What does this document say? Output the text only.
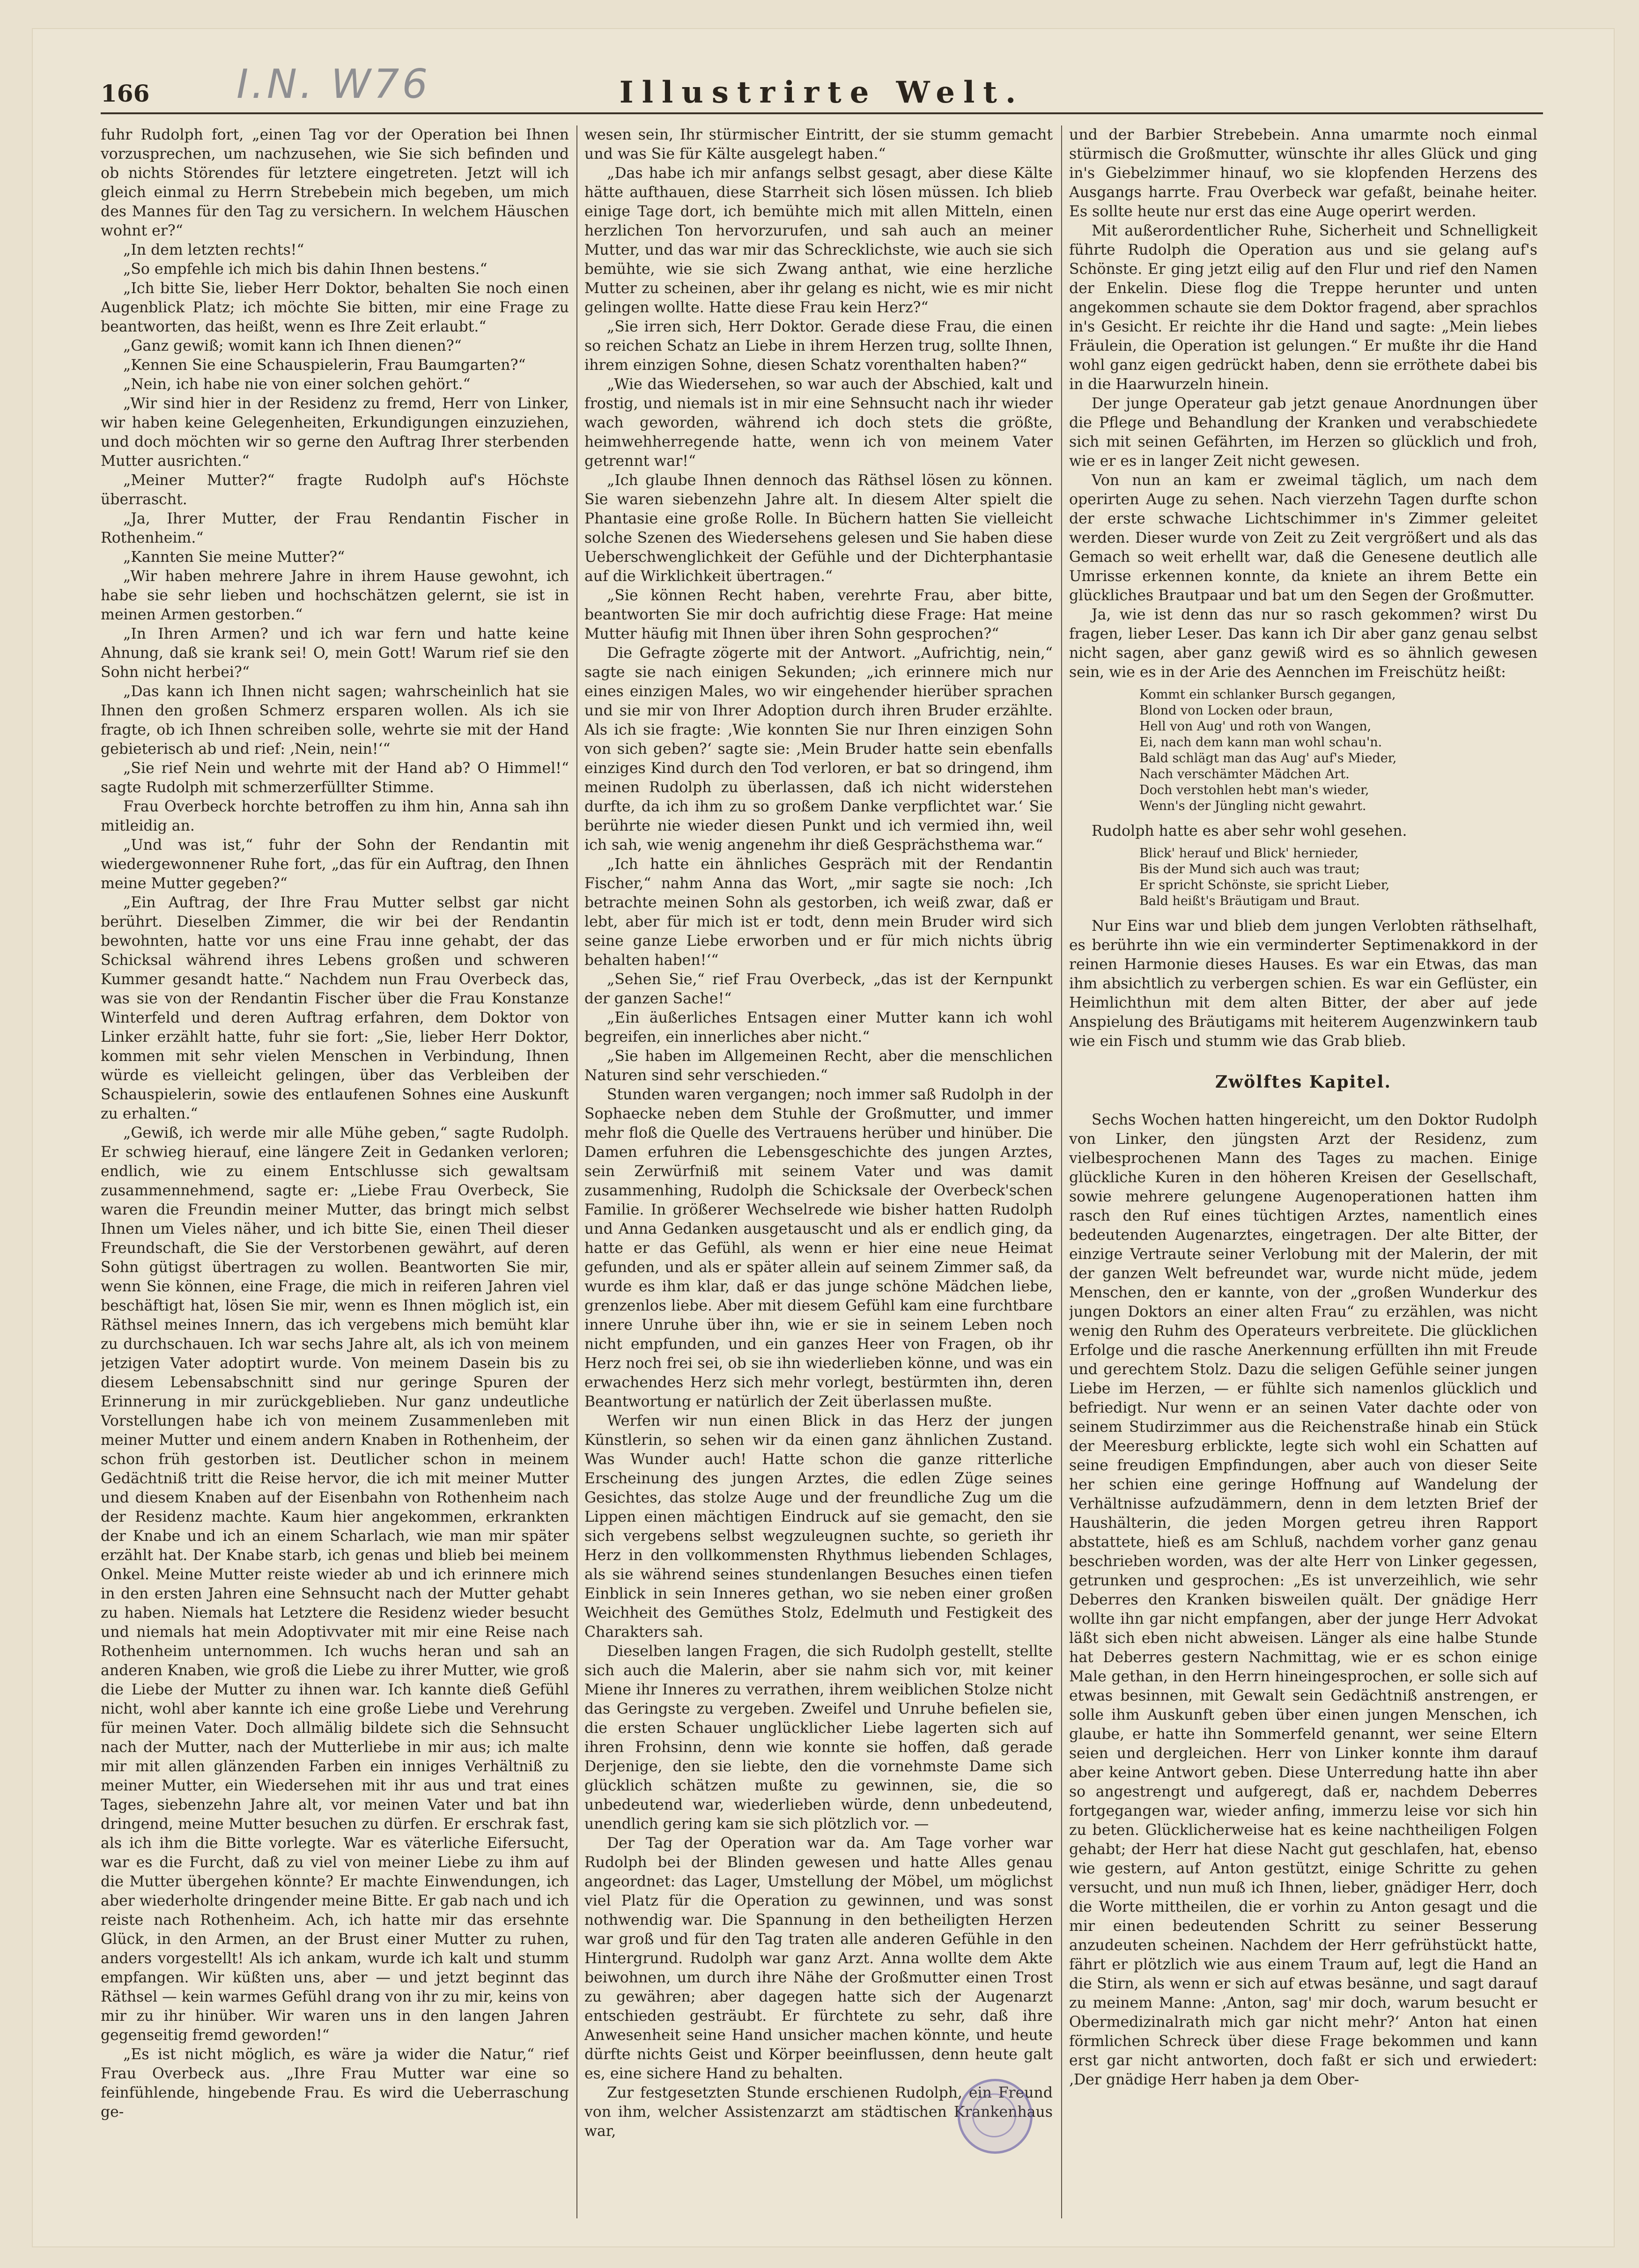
166 I.N. W76	Illustrirte Welt.

fuhr Rudolph fort, „einen Tag vor der Operation bei Ihnen vorzusprechen, um nachzusehen, wie Sie sich befinden und ob nichts Störendes für letztere eingetreten. Jetzt will ich gleich einmal zu Herrn Strebebein mich begeben, um mich des Mannes für den Tag zu versichern. In welchem Häuschen wohnt er?“

„In dem letzten rechts!“

„So empfehle ich mich bis dahin Ihnen bestens.“

„Ich bitte Sie, lieber Herr Doktor, behalten Sie noch einen Augenblick Platz; ich möchte Sie bitten, mir eine Frage zu beantworten, das heißt, wenn es Ihre Zeit erlaubt.“

„Ganz gewiß; womit kann ich Ihnen dienen?“

„Kennen Sie eine Schauspielerin, Frau Baumgarten?“

„Nein, ich habe nie von einer solchen gehört.“

„Wir sind hier in der Residenz zu fremd, Herr von Linker, wir haben keine Gelegenheiten, Erkundigungen einzuziehen, und doch möchten wir so gerne den Auftrag Ihrer sterbenden Mutter ausrichten.“

„Meiner Mutter?“ fragte Rudolph auf's Höchste überrascht.

„Ja, Ihrer Mutter, der Frau Rendantin Fischer in Rothenheim.“

„Kannten Sie meine Mutter?“

„Wir haben mehrere Jahre in ihrem Hause gewohnt, ich habe sie sehr lieben und hochschätzen gelernt, sie ist in meinen Armen gestorben.“

„In Ihren Armen? und ich war fern und hatte keine Ahnung, daß sie krank sei! O, mein Gott! Warum rief sie den Sohn nicht herbei?“

„Das kann ich Ihnen nicht sagen; wahrscheinlich hat sie Ihnen den großen Schmerz ersparen wollen. Als ich sie fragte, ob ich Ihnen schreiben solle, wehrte sie mit der Hand gebieterisch ab und rief: ‚Nein, nein!‘“

„Sie rief Nein und wehrte mit der Hand ab? O Himmel!“ sagte Rudolph mit schmerzerfüllter Stimme.

Frau Overbeck horchte betroffen zu ihm hin, Anna sah ihn mitleidig an.

„Und was ist,“ fuhr der Sohn der Rendantin mit wiedergewonnener Ruhe fort, „das für ein Auftrag, den Ihnen meine Mutter gegeben?“

„Ein Auftrag, der Ihre Frau Mutter selbst gar nicht berührt. Dieselben Zimmer, die wir bei der Rendantin bewohnten, hatte vor uns eine Frau inne gehabt, der das Schicksal während ihres Lebens großen und schweren Kummer gesandt hatte.“ Nachdem nun Frau Overbeck das, was sie von der Rendantin Fischer über die Frau Konstanze Winterfeld und deren Auftrag erfahren, dem Doktor von Linker erzählt hatte, fuhr sie fort: „Sie, lieber Herr Doktor, kommen mit sehr vielen Menschen in Verbindung, Ihnen würde es vielleicht gelingen, über das Verbleiben der Schauspielerin, sowie des entlaufenen Sohnes eine Auskunft zu erhalten.“

„Gewiß, ich werde mir alle Mühe geben,“ sagte Rudolph. Er schwieg hierauf, eine längere Zeit in Gedanken verloren; endlich, wie zu einem Entschlusse sich gewaltsam zusammennehmend, sagte er: „Liebe Frau Overbeck, Sie waren die Freundin meiner Mutter, das bringt mich selbst Ihnen um Vieles näher, und ich bitte Sie, einen Theil dieser Freundschaft, die Sie der Verstorbenen gewährt, auf deren Sohn gütigst übertragen zu wollen. Beantworten Sie mir, wenn Sie können, eine Frage, die mich in reiferen Jahren viel beschäftigt hat, lösen Sie mir, wenn es Ihnen möglich ist, ein Räthsel meines Innern, das ich vergebens mich bemüht klar zu durchschauen. Ich war sechs Jahre alt, als ich von meinem jetzigen Vater adoptirt wurde. Von meinem Dasein bis zu diesem Lebensabschnitt sind nur geringe Spuren der Erinnerung in mir zurückgeblieben. Nur ganz undeutliche Vorstellungen habe ich von meinem Zusammenleben mit meiner Mutter und einem andern Knaben in Rothenheim, der schon früh gestorben ist. Deutlicher schon in meinem Gedächtniß tritt die Reise hervor, die ich mit meiner Mutter und diesem Knaben auf der Eisenbahn von Rothenheim nach der Residenz machte. Kaum hier angekommen, erkrankten der Knabe und ich an einem Scharlach, wie man mir später erzählt hat. Der Knabe starb, ich genas und blieb bei meinem Onkel. Meine Mutter reiste wieder ab und ich erinnere mich in den ersten Jahren eine Sehnsucht nach der Mutter gehabt zu haben. Niemals hat Letztere die Residenz wieder besucht und niemals hat mein Adoptivvater mit mir eine Reise nach Rothenheim unternommen. Ich wuchs heran und sah an anderen Knaben, wie groß die Liebe zu ihrer Mutter, wie groß die Liebe der Mutter zu ihnen war. Ich kannte dieß Gefühl nicht, wohl aber kannte ich eine große Liebe und Verehrung für meinen Vater. Doch allmälig bildete sich die Sehnsucht nach der Mutter, nach der Mutterliebe in mir aus; ich malte mir mit allen glänzenden Farben ein inniges Verhältniß zu meiner Mutter, ein Wiedersehen mit ihr aus und trat eines Tages, siebenzehn Jahre alt, vor meinen Vater und bat ihn dringend, meine Mutter besuchen zu dürfen. Er erschrak fast, als ich ihm die Bitte vorlegte. War es väterliche Eifersucht, war es die Furcht, daß zu viel von meiner Liebe zu ihm auf die Mutter übergehen könnte? Er machte Einwendungen, ich aber wiederholte dringender meine Bitte. Er gab nach und ich reiste nach Rothenheim. Ach, ich hatte mir das ersehnte Glück, in den Armen, an der Brust einer Mutter zu ruhen, anders vorgestellt! Als ich ankam, wurde ich kalt und stumm empfangen. Wir küßten uns, aber — und jetzt beginnt das Räthsel — kein warmes Gefühl drang von ihr zu mir, keins von mir zu ihr hinüber. Wir waren uns in den langen Jahren gegenseitig fremd geworden!“

„Es ist nicht möglich, es wäre ja wider die Natur,“ rief Frau Overbeck aus. „Ihre Frau Mutter war eine so feinfühlende, hingebende Frau. Es wird die Ueberraschung ge-

wesen sein, Ihr stürmischer Eintritt, der sie stumm gemacht und was Sie für Kälte ausgelegt haben.“

„Das habe ich mir anfangs selbst gesagt, aber diese Kälte hätte aufthauen, diese Starrheit sich lösen müssen. Ich blieb einige Tage dort, ich bemühte mich mit allen Mitteln, einen herzlichen Ton hervorzurufen, und sah auch an meiner Mutter, und das war mir das Schrecklichste, wie auch sie sich bemühte, wie sie sich Zwang anthat, wie eine herzliche Mutter zu scheinen, aber ihr gelang es nicht, wie es mir nicht gelingen wollte. Hatte diese Frau kein Herz?“

„Sie irren sich, Herr Doktor. Gerade diese Frau, die einen so reichen Schatz an Liebe in ihrem Herzen trug, sollte Ihnen, ihrem einzigen Sohne, diesen Schatz vorenthalten haben?“

„Wie das Wiedersehen, so war auch der Abschied, kalt und frostig, und niemals ist in mir eine Sehnsucht nach ihr wieder wach geworden, während ich doch stets die größte, heimwehherregende hatte, wenn ich von meinem Vater getrennt war!“

„Ich glaube Ihnen dennoch das Räthsel lösen zu können. Sie waren siebenzehn Jahre alt. In diesem Alter spielt die Phantasie eine große Rolle. In Büchern hatten Sie vielleicht solche Szenen des Wiedersehens gelesen und Sie haben diese Ueberschwenglichkeit der Gefühle und der Dichterphantasie auf die Wirklichkeit übertragen.“

„Sie können Recht haben, verehrte Frau, aber bitte, beantworten Sie mir doch aufrichtig diese Frage: Hat meine Mutter häufig mit Ihnen über ihren Sohn gesprochen?“

Die Gefragte zögerte mit der Antwort. „Aufrichtig, nein,“ sagte sie nach einigen Sekunden; „ich erinnere mich nur eines einzigen Males, wo wir eingehender hierüber sprachen und sie mir von Ihrer Adoption durch ihren Bruder erzählte. Als ich sie fragte: ‚Wie konnten Sie nur Ihren einzigen Sohn von sich geben?‘ sagte sie: ‚Mein Bruder hatte sein ebenfalls einziges Kind durch den Tod verloren, er bat so dringend, ihm meinen Rudolph zu überlassen, daß ich nicht widerstehen durfte, da ich ihm zu so großem Danke verpflichtet war.‘ Sie berührte nie wieder diesen Punkt und ich vermied ihn, weil ich sah, wie wenig angenehm ihr dieß Gesprächsthema war.“

„Ich hatte ein ähnliches Gespräch mit der Rendantin Fischer,“ nahm Anna das Wort, „mir sagte sie noch: ‚Ich betrachte meinen Sohn als gestorben, ich weiß zwar, daß er lebt, aber für mich ist er todt, denn mein Bruder wird sich seine ganze Liebe erworben und er für mich nichts übrig behalten haben!‘“

„Sehen Sie,“ rief Frau Overbeck, „das ist der Kernpunkt der ganzen Sache!“

„Ein äußerliches Entsagen einer Mutter kann ich wohl begreifen, ein innerliches aber nicht.“

„Sie haben im Allgemeinen Recht, aber die menschlichen Naturen sind sehr verschieden.“

Stunden waren vergangen; noch immer saß Rudolph in der Sophaecke neben dem Stuhle der Großmutter, und immer mehr floß die Quelle des Vertrauens herüber und hinüber. Die Damen erfuhren die Lebensgeschichte des jungen Arztes, sein Zerwürfniß mit seinem Vater und was damit zusammenhing, Rudolph die Schicksale der Overbeck'schen Familie. In größerer Wechselrede wie bisher hatten Rudolph und Anna Gedanken ausgetauscht und als er endlich ging, da hatte er das Gefühl, als wenn er hier eine neue Heimat gefunden, und als er später allein auf seinem Zimmer saß, da wurde es ihm klar, daß er das junge schöne Mädchen liebe, grenzenlos liebe. Aber mit diesem Gefühl kam eine furchtbare innere Unruhe über ihn, wie er sie in seinem Leben noch nicht empfunden, und ein ganzes Heer von Fragen, ob ihr Herz noch frei sei, ob sie ihn wiederlieben könne, und was ein erwachendes Herz sich mehr vorlegt, bestürmten ihn, deren Beantwortung er natürlich der Zeit überlassen mußte.

Werfen wir nun einen Blick in das Herz der jungen Künstlerin, so sehen wir da einen ganz ähnlichen Zustand. Was Wunder auch! Hatte schon die ganze ritterliche Erscheinung des jungen Arztes, die edlen Züge seines Gesichtes, das stolze Auge und der freundliche Zug um die Lippen einen mächtigen Eindruck auf sie gemacht, den sie sich vergebens selbst wegzuleugnen suchte, so gerieth ihr Herz in den vollkommensten Rhythmus liebenden Schlages, als sie während seines stundenlangen Besuches einen tiefen Einblick in sein Inneres gethan, wo sie neben einer großen Weichheit des Gemüthes Stolz, Edelmuth und Festigkeit des Charakters sah.

Dieselben langen Fragen, die sich Rudolph gestellt, stellte sich auch die Malerin, aber sie nahm sich vor, mit keiner Miene ihr Inneres zu verrathen, ihrem weiblichen Stolze nicht das Geringste zu vergeben. Zweifel und Unruhe befielen sie, die ersten Schauer unglücklicher Liebe lagerten sich auf ihren Frohsinn, denn wie konnte sie hoffen, daß gerade Derjenige, den sie liebte, den die vornehmste Dame sich glücklich schätzen mußte zu gewinnen, sie, die so unbedeutend war, wiederlieben würde, denn unbedeutend, unendlich gering kam sie sich plötzlich vor. —

Der Tag der Operation war da. Am Tage vorher war Rudolph bei der Blinden gewesen und hatte Alles genau angeordnet: das Lager, Umstellung der Möbel, um möglichst viel Platz für die Operation zu gewinnen, und was sonst nothwendig war. Die Spannung in den betheiligten Herzen war groß und für den Tag traten alle anderen Gefühle in den Hintergrund. Rudolph war ganz Arzt. Anna wollte dem Akte beiwohnen, um durch ihre Nähe der Großmutter einen Trost zu gewähren; aber dagegen hatte sich der Augenarzt entschieden gesträubt. Er fürchtete zu sehr, daß ihre Anwesenheit seine Hand unsicher machen könnte, und heute dürfte nichts Geist und Körper beeinflussen, denn heute galt es, eine sichere Hand zu behalten.

Zur festgesetzten Stunde erschienen Rudolph, ein Freund von ihm, welcher Assistenzarzt am städtischen Krankenhaus war,

und der Barbier Strebebein. Anna umarmte noch einmal stürmisch die Großmutter, wünschte ihr alles Glück und ging in's Giebelzimmer hinauf, wo sie klopfenden Herzens des Ausgangs harrte. Frau Overbeck war gefaßt, beinahe heiter. Es sollte heute nur erst das eine Auge operirt werden.

Mit außerordentlicher Ruhe, Sicherheit und Schnelligkeit führte Rudolph die Operation aus und sie gelang auf's Schönste. Er ging jetzt eilig auf den Flur und rief den Namen der Enkelin. Diese flog die Treppe herunter und unten angekommen schaute sie dem Doktor fragend, aber sprachlos in's Gesicht. Er reichte ihr die Hand und sagte: „Mein liebes Fräulein, die Operation ist gelungen.“ Er mußte ihr die Hand wohl ganz eigen gedrückt haben, denn sie erröthete dabei bis in die Haarwurzeln hinein.

Der junge Operateur gab jetzt genaue Anordnungen über die Pflege und Behandlung der Kranken und verabschiedete sich mit seinen Gefährten, im Herzen so glücklich und froh, wie er es in langer Zeit nicht gewesen.

Von nun an kam er zweimal täglich, um nach dem operirten Auge zu sehen. Nach vierzehn Tagen durfte schon der erste schwache Lichtschimmer in's Zimmer geleitet werden. Dieser wurde von Zeit zu Zeit vergrößert und als das Gemach so weit erhellt war, daß die Genesene deutlich alle Umrisse erkennen konnte, da kniete an ihrem Bette ein glückliches Brautpaar und bat um den Segen der Großmutter.

Ja, wie ist denn das nur so rasch gekommen? wirst Du fragen, lieber Leser. Das kann ich Dir aber ganz genau selbst nicht sagen, aber ganz gewiß wird es so ähnlich gewesen sein, wie es in der Arie des Aennchen im Freischütz heißt:

Kommt ein schlanker Bursch gegangen,
Blond von Locken oder braun,
Hell von Aug' und roth von Wangen,
Ei, nach dem kann man wohl schau'n.
Bald schlägt man das Aug' auf's Mieder,
Nach verschämter Mädchen Art.
Doch verstohlen hebt man's wieder,
Wenn's der Jüngling nicht gewahrt.

Rudolph hatte es aber sehr wohl gesehen.

Blick' herauf und Blick' hernieder,
Bis der Mund sich auch was traut;
Er spricht Schönste, sie spricht Lieber,
Bald heißt's Bräutigam und Braut.

Nur Eins war und blieb dem jungen Verlobten räthselhaft, es berührte ihn wie ein verminderter Septimenakkord in der reinen Harmonie dieses Hauses. Es war ein Etwas, das man ihm absichtlich zu verbergen schien. Es war ein Geflüster, ein Heimlichthun mit dem alten Bitter, der aber auf jede Anspielung des Bräutigams mit heiterem Augenzwinkern taub wie ein Fisch und stumm wie das Grab blieb.

Zwölftes Kapitel.

Sechs Wochen hatten hingereicht, um den Doktor Rudolph von Linker, den jüngsten Arzt der Residenz, zum vielbesprochenen Mann des Tages zu machen. Einige glückliche Kuren in den höheren Kreisen der Gesellschaft, sowie mehrere gelungene Augenoperationen hatten ihm rasch den Ruf eines tüchtigen Arztes, namentlich eines bedeutenden Augenarztes, eingetragen. Der alte Bitter, der einzige Vertraute seiner Verlobung mit der Malerin, der mit der ganzen Welt befreundet war, wurde nicht müde, jedem Menschen, den er kannte, von der „großen Wunderkur des jungen Doktors an einer alten Frau“ zu erzählen, was nicht wenig den Ruhm des Operateurs verbreitete. Die glücklichen Erfolge und die rasche Anerkennung erfüllten ihn mit Freude und gerechtem Stolz. Dazu die seligen Gefühle seiner jungen Liebe im Herzen, — er fühlte sich namenlos glücklich und befriedigt. Nur wenn er an seinen Vater dachte oder von seinem Studirzimmer aus die Reichenstraße hinab ein Stück der Meeresburg erblickte, legte sich wohl ein Schatten auf seine freudigen Empfindungen, aber auch von dieser Seite her schien eine geringe Hoffnung auf Wandelung der Verhältnisse aufzudämmern, denn in dem letzten Brief der Haushälterin, die jeden Morgen getreu ihren Rapport abstattete, hieß es am Schluß, nachdem vorher ganz genau beschrieben worden, was der alte Herr von Linker gegessen, getrunken und gesprochen: „Es ist unverzeihlich, wie sehr Deberres den Kranken bisweilen quält. Der gnädige Herr wollte ihn gar nicht empfangen, aber der junge Herr Advokat läßt sich eben nicht abweisen. Länger als eine halbe Stunde hat Deberres gestern Nachmittag, wie er es schon einige Male gethan, in den Herrn hineingesprochen, er solle sich auf etwas besinnen, mit Gewalt sein Gedächtniß anstrengen, er solle ihm Auskunft geben über einen jungen Menschen, ich glaube, er hatte ihn Sommerfeld genannt, wer seine Eltern seien und dergleichen. Herr von Linker konnte ihm darauf aber keine Antwort geben. Diese Unterredung hatte ihn aber so angestrengt und aufgeregt, daß er, nachdem Deberres fortgegangen war, wieder anfing, immerzu leise vor sich hin zu beten. Glücklicherweise hat es keine nachtheiligen Folgen gehabt; der Herr hat diese Nacht gut geschlafen, hat, ebenso wie gestern, auf Anton gestützt, einige Schritte zu gehen versucht, und nun muß ich Ihnen, lieber, gnädiger Herr, doch die Worte mittheilen, die er vorhin zu Anton gesagt und die mir einen bedeutenden Schritt zu seiner Besserung anzudeuten scheinen. Nachdem der Herr gefrühstückt hatte, fährt er plötzlich wie aus einem Traum auf, legt die Hand an die Stirn, als wenn er sich auf etwas besänne, und sagt darauf zu meinem Manne: ‚Anton, sag' mir doch, warum besucht er Obermedizinalrath mich gar nicht mehr?‘ Anton hat einen förmlichen Schreck über diese Frage bekommen und kann erst gar nicht antworten, doch faßt er sich und erwiedert: ‚Der gnädige Herr haben ja dem Ober-
